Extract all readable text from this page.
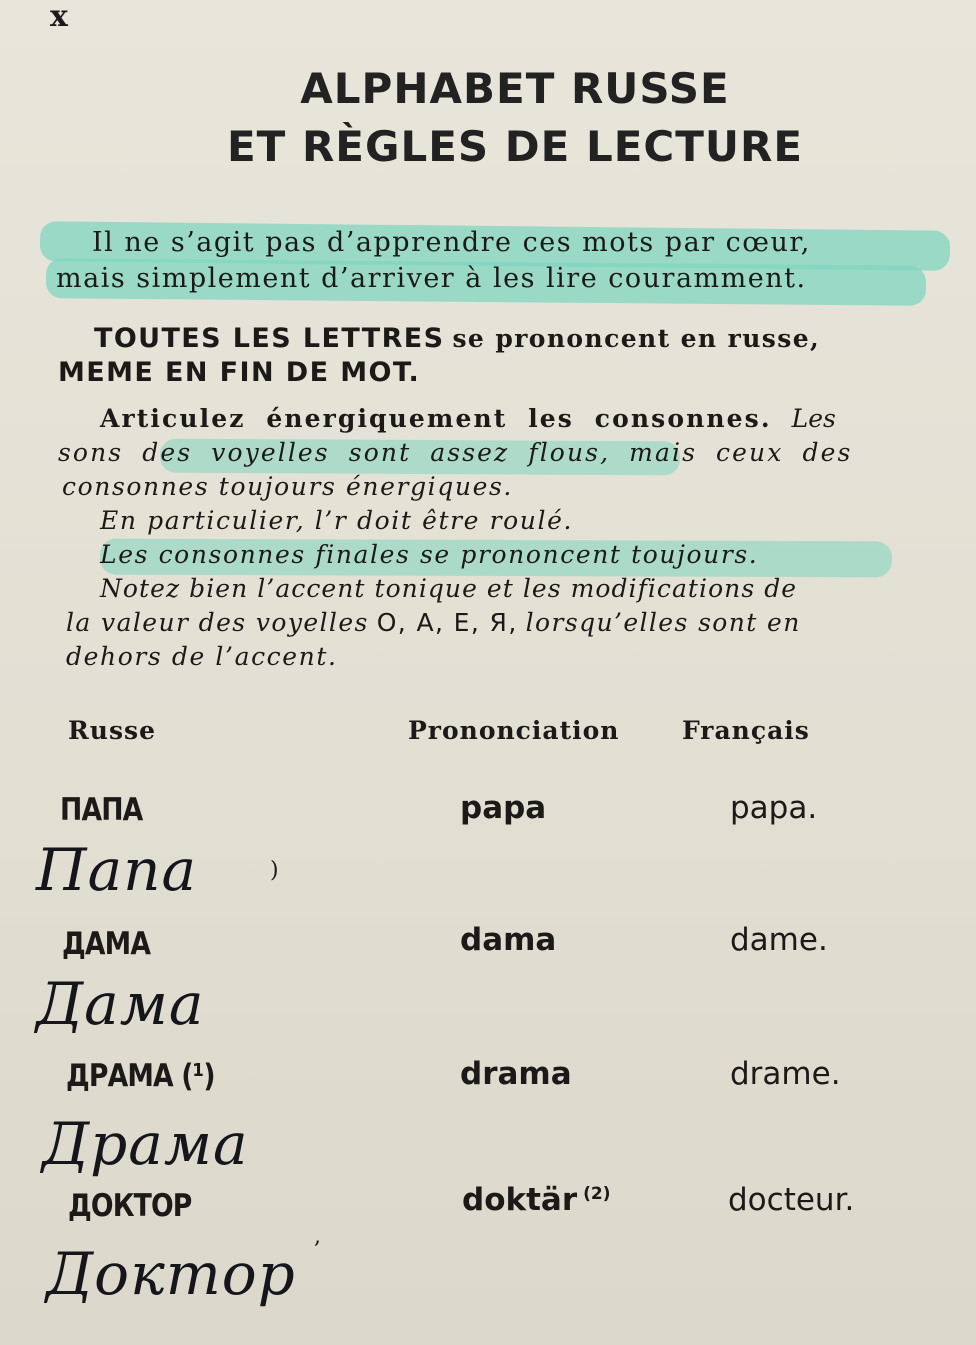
x
ALPHABET RUSSE
ET RÈGLES DE LECTURE
Il ne s’agit pas d’apprendre ces mots par cœur,
mais simplement d’arriver à les lire couramment.
TOUTES LES LETTRES se prononcent en russe,
MEME EN FIN DE MOT.
Articulez énergiquement les consonnes. Les
sons des voyelles sont assez flous, mais ceux des
consonnes toujours énergiques.
En particulier, l’r doit être roulé.
Les consonnes finales se prononcent toujours.
Notez bien l’accent tonique et les modifications de
la valeur des voyelles O, A, E, Я, lorsqu’elles sont en
dehors de l’accent.
Russe	Prononciation	Français
ПАПА	papa	papa.
Папа	)
ДАМА	dama	dame.
Дама
ДРАМА (¹)	drama	drame.
Драма
ДОКТОР	doktär $^{(2)}$	docteur.
Доктор
,
